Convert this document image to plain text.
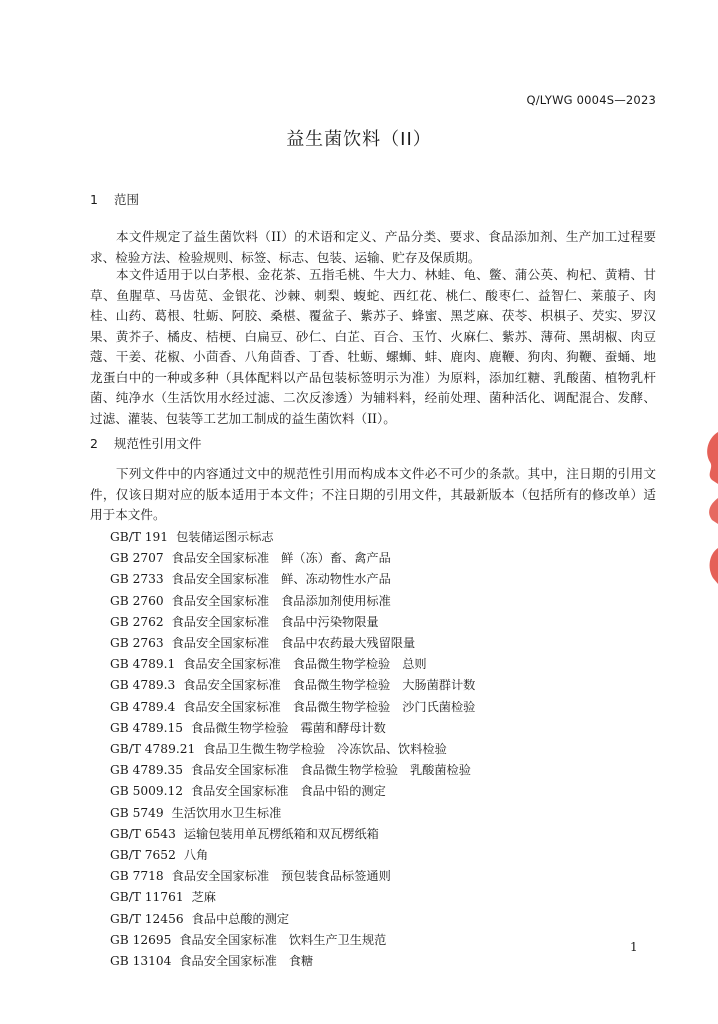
Q/LYWG 0004S—2023
益生菌饮料（II）
1 范围

本文件规定了益生菌饮料（II）的术语和定义、产品分类、要求、食品添加剂、生产加工过程要求、检验方法、检验规则、标签、标志、包装、运输、贮存及保质期。

本文件适用于以白茅根、金花茶、五指毛桃、牛大力、林蛙、龟、鳖、蒲公英、枸杞、黄精、甘草、鱼腥草、马齿苋、金银花、沙棘、刺梨、蝮蛇、西红花、桃仁、酸枣仁、益智仁、莱菔子、肉桂、山药、葛根、牡蛎、阿胶、桑椹、覆盆子、紫苏子、蜂蜜、黑芝麻、茯苓、枳椇子、芡实、罗汉果、黄芥子、橘皮、桔梗、白扁豆、砂仁、白芷、百合、玉竹、火麻仁、紫苏、薄荷、黑胡椒、肉豆蔻、干姜、花椒、小茴香、八角茴香、丁香、牡蛎、螺蛳、蚌、鹿肉、鹿鞭、狗肉、狗鞭、蚕蛹、地龙蛋白中的一种或多种（具体配料以产品包装标签明示为准）为原料，添加红糖、乳酸菌、植物乳杆菌、纯净水（生活饮用水经过滤、二次反渗透）为辅料料，经前处理、菌种活化、调配混合、发酵、过滤、灌装、包装等工艺加工制成的益生菌饮料（II）。

2 规范性引用文件

下列文件中的内容通过文中的规范性引用而构成本文件必不可少的条款。其中，注日期的引用文件，仅该日期对应的版本适用于本文件；不注日期的引用文件，其最新版本（包括所有的修改单）适用于本文件。

GB/T 191 包装储运图示标志
GB 2707 食品安全国家标准 鲜（冻）畜、禽产品
GB 2733 食品安全国家标准 鲜、冻动物性水产品
GB 2760 食品安全国家标准 食品添加剂使用标准
GB 2762 食品安全国家标准 食品中污染物限量
GB 2763 食品安全国家标准 食品中农药最大残留限量
GB 4789.1 食品安全国家标准 食品微生物学检验 总则
GB 4789.3 食品安全国家标准 食品微生物学检验 大肠菌群计数
GB 4789.4 食品安全国家标准 食品微生物学检验 沙门氏菌检验
GB 4789.15 食品微生物学检验 霉菌和酵母计数
GB/T 4789.21 食品卫生微生物学检验 冷冻饮品、饮料检验
GB 4789.35 食品安全国家标准 食品微生物学检验 乳酸菌检验
GB 5009.12 食品安全国家标准 食品中铅的测定
GB 5749 生活饮用水卫生标准
GB/T 6543 运输包装用单瓦楞纸箱和双瓦楞纸箱
GB/T 7652 八角
GB 7718 食品安全国家标准 预包装食品标签通则
GB/T 11761 芝麻
GB/T 12456 食品中总酸的测定
GB 12695 食品安全国家标准 饮料生产卫生规范
GB 13104 食品安全国家标准 食糖
1
